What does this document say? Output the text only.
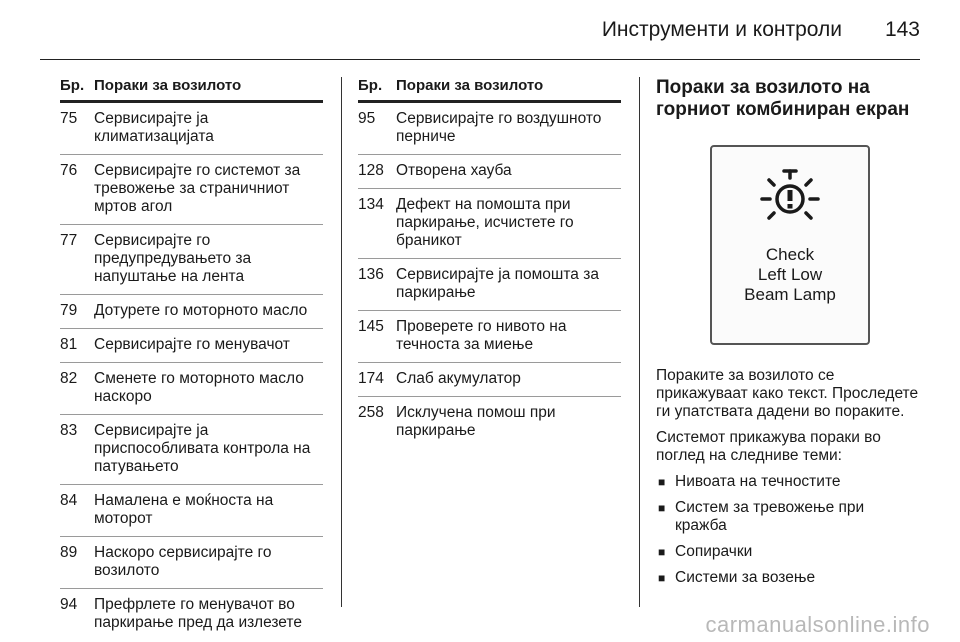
Инструменти и контроли 143
Бр. Пораки за возилото
75	Сервисирајте ја климатизацијата
76	Сервисирајте го системот за тревожење за страничниот мртов агол
77	Сервисирајте го предупредувањето за напуштање на лента
79	Дотурете го моторното масло
81	Сервисирајте го менувачот
82	Сменете го моторното масло наскоро
83	Сервисирајте ја приспособливата контрола на патувањето
84	Намалена е моќноста на моторот
89	Наскоро сервисирајте го возилото
94	Префрлете го менувачот во паркирање пред да излезете
Бр. Пораки за возилото
95	Сервисирајте го воздушното перниче
128 Отворена хауба
134 Дефект на помошта при паркирање, исчистете го браникот
136 Сервисирајте ја помошта за паркирање
145 Проверете го нивото на течноста за миење
174 Слаб акумулатор
258 Исклучена помош при паркирање
Пораки за возилото на горниот комбиниран екран
Check
Left Low
Beam Lamp

Пораките за возилото се прикажуваат како текст. Проследете ги упатствата дадени во пораките.

Системот прикажува пораки во поглед на следниве теми:

■ Нивоата на течностите
■ Систем за тревожење при кражба
■ Сопирачки
■ Системи за возење
carmanualsonline.info
